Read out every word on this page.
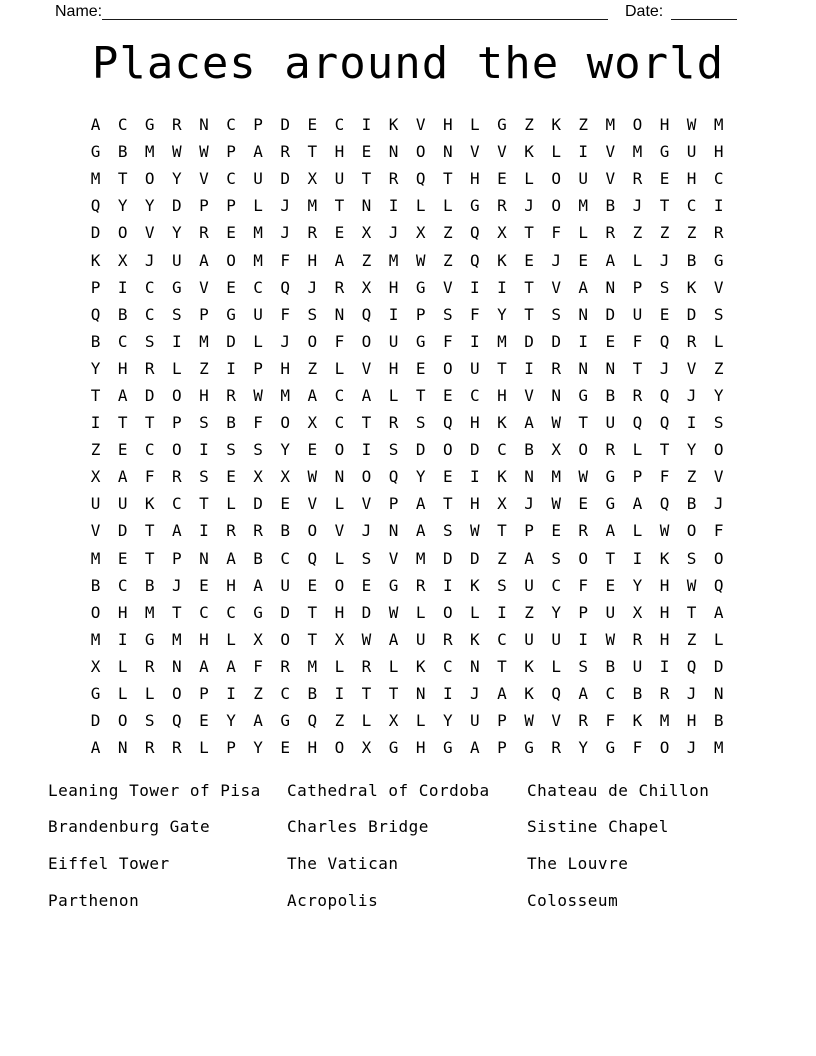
Name:	Date:
Places around the world
A	C	G	R	N	C	P	D	E	C	I	K	V	H	L	G	Z	K	Z	M	O	H	W	M
G	B	M	W	W	P	A	R	T	H	E	N	O	N	V	V	K	L	I	V	M	G	U	H
M	T	O	Y	V	C	U	D	X	U	T	R	Q	T	H	E	L	O	U	V	R	E	H	C
Q	Y	Y	D	P	P	L	J	M	T	N	I	L	L	G	R	J	O	M	B	J	T	C	I
D	O	V	Y	R	E	M	J	R	E	X	J	X	Z	Q	X	T	F	L	R	Z	Z	Z	R
K	X	J	U	A	O	M	F	H	A	Z	M	W	Z	Q	K	E	J	E	A	L	J	B	G
P	I	C	G	V	E	C	Q	J	R	X	H	G	V	I	I	T	V	A	N	P	S	K	V
Q	B	C	S	P	G	U	F	S	N	Q	I	P	S	F	Y	T	S	N	D	U	E	D	S
B	C	S	I	M	D	L	J	O	F	O	U	G	F	I	M	D	D	I	E	F	Q	R	L
Y	H	R	L	Z	I	P	H	Z	L	V	H	E	O	U	T	I	R	N	N	T	J	V	Z
T	A	D	O	H	R	W	M	A	C	A	L	T	E	C	H	V	N	G	B	R	Q	J	Y
I	T	T	P	S	B	F	O	X	C	T	R	S	Q	H	K	A	W	T	U	Q	Q	I	S
Z	E	C	O	I	S	S	Y	E	O	I	S	D	O	D	C	B	X	O	R	L	T	Y	O
X	A	F	R	S	E	X	X	W	N	O	Q	Y	E	I	K	N	M	W	G	P	F	Z	V
U	U	K	C	T	L	D	E	V	L	V	P	A	T	H	X	J	W	E	G	A	Q	B	J
V	D	T	A	I	R	R	B	O	V	J	N	A	S	W	T	P	E	R	A	L	W	O	F
M	E	T	P	N	A	B	C	Q	L	S	V	M	D	D	Z	A	S	O	T	I	K	S	O
B	C	B	J	E	H	A	U	E	O	E	G	R	I	K	S	U	C	F	E	Y	H	W	Q
O	H	M	T	C	C	G	D	T	H	D	W	L	O	L	I	Z	Y	P	U	X	H	T	A
M	I	G	M	H	L	X	O	T	X	W	A	U	R	K	C	U	U	I	W	R	H	Z	L
X	L	R	N	A	A	F	R	M	L	R	L	K	C	N	T	K	L	S	B	U	I	Q	D
G	L	L	O	P	I	Z	C	B	I	T	T	N	I	J	A	K	Q	A	C	B	R	J	N
D	O	S	Q	E	Y	A	G	Q	Z	L	X	L	Y	U	P	W	V	R	F	K	M	H	B
A	N	R	R	L	P	Y	E	H	O	X	G	H	G	A	P	G	R	Y	G	F	O	J	M
Leaning Tower of Pisa	Cathedral of Cordoba	Chateau de Chillon
Brandenburg Gate	Charles Bridge	Sistine Chapel
Eiffel Tower	The Vatican	The Louvre
Parthenon	Acropolis	Colosseum
